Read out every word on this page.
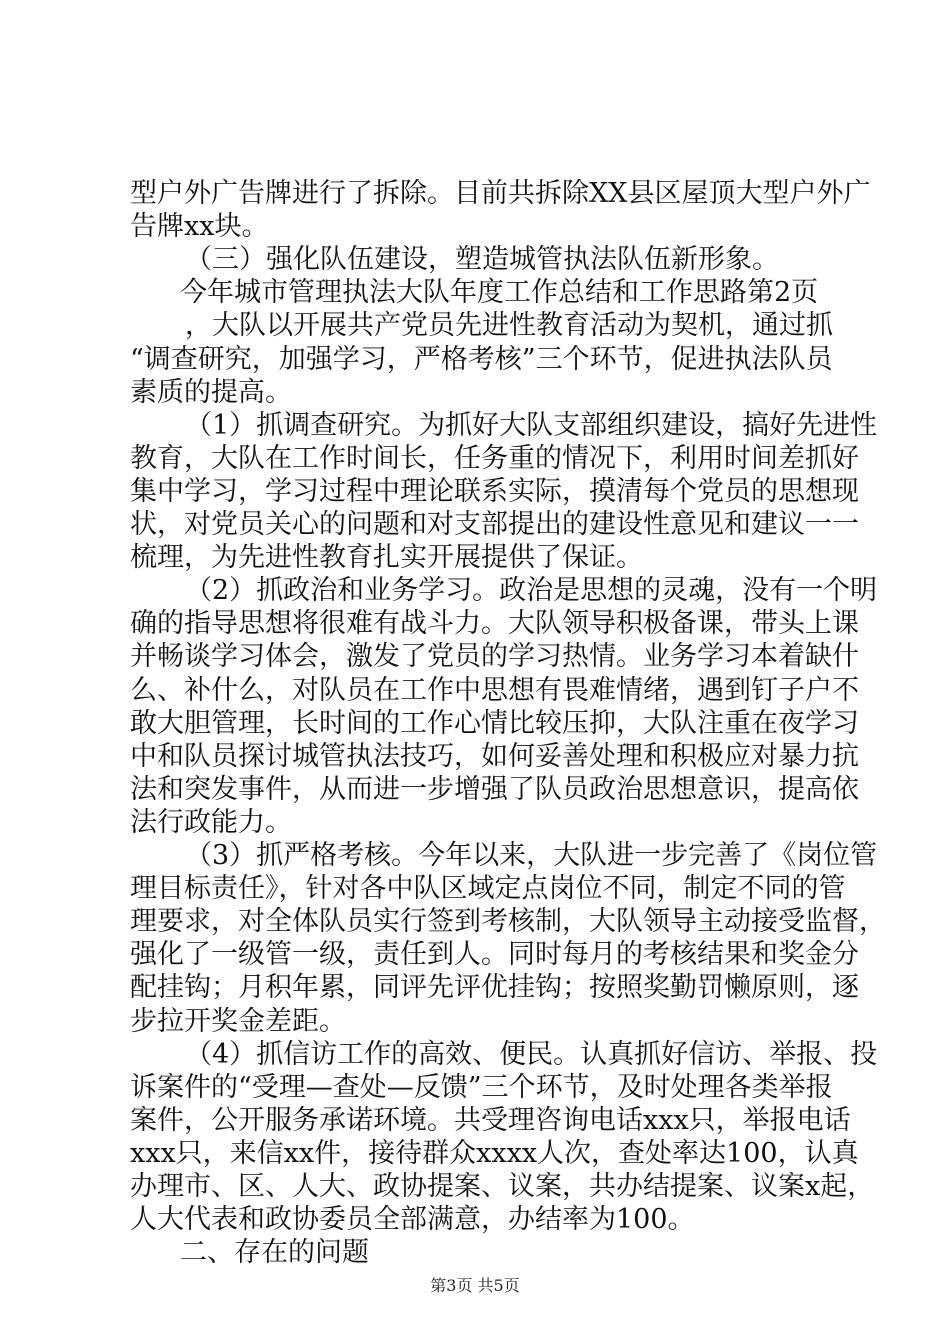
型户外广告牌进行了拆除。目前共拆除XX县区屋顶大型户外广
告牌xx块。
（三）强化队伍建设，塑造城管执法队伍新形象。
今年城市管理执法大队年度工作总结和工作思路第2页
，大队以开展共产党员先进性教育活动为契机，通过抓
“调查研究，加强学习，严格考核”三个环节，促进执法队员
素质的提高。
（1）抓调查研究。为抓好大队支部组织建设，搞好先进性
教育，大队在工作时间长，任务重的情况下，利用时间差抓好
集中学习，学习过程中理论联系实际，摸清每个党员的思想现
状，对党员关心的问题和对支部提出的建设性意见和建议一一
梳理，为先进性教育扎实开展提供了保证。
（2）抓政治和业务学习。政治是思想的灵魂，没有一个明
确的指导思想将很难有战斗力。大队领导积极备课，带头上课
并畅谈学习体会，激发了党员的学习热情。业务学习本着缺什
么、补什么，对队员在工作中思想有畏难情绪，遇到钉子户不
敢大胆管理，长时间的工作心情比较压抑，大队注重在夜学习
中和队员探讨城管执法技巧，如何妥善处理和积极应对暴力抗
法和突发事件，从而进一步增强了队员政治思想意识，提高依
法行政能力。
（3）抓严格考核。今年以来，大队进一步完善了《岗位管
理目标责任》，针对各中队区域定点岗位不同，制定不同的管
理要求，对全体队员实行签到考核制，大队领导主动接受监督，
强化了一级管一级，责任到人。同时每月的考核结果和奖金分
配挂钩；月积年累，同评先评优挂钩；按照奖勤罚懒原则，逐
步拉开奖金差距。
（4）抓信访工作的高效、便民。认真抓好信访、举报、投
诉案件的“受理—查处—反馈”三个环节，及时处理各类举报
案件，公开服务承诺环境。共受理咨询电话xxx只，举报电话
xxx只，来信xx件，接待群众xxxx人次，查处率达100，认真
办理市、区、人大、政协提案、议案，共办结提案、议案x起，
人大代表和政协委员全部满意，办结率为100。
二、存在的问题
第3页 共5页
